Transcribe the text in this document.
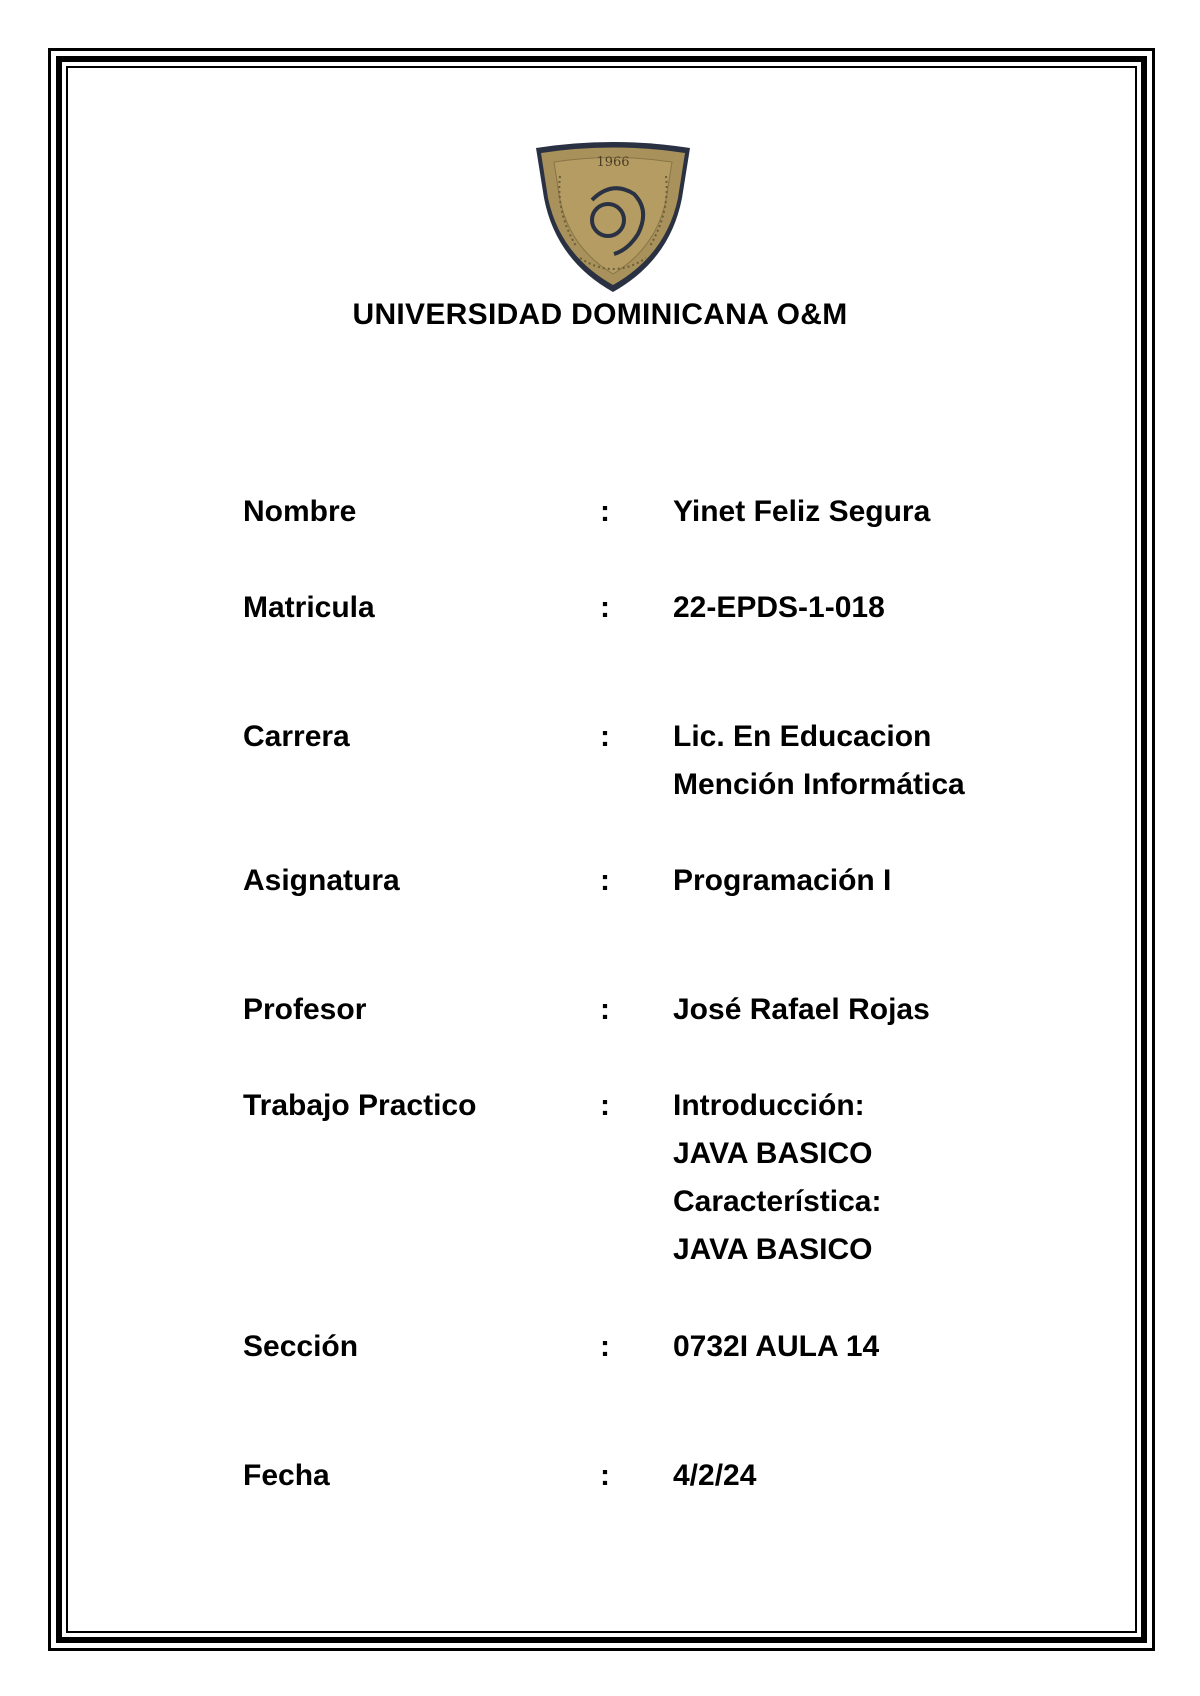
1966
UNIVERSIDAD DOMINICANA O&M
Nombre	: Yinet Feliz Segura
Matricula	: 22-EPDS-1-018
Carrera	: Lic. En Educacion
Mención Informática
Asignatura	: Programación I
Profesor	: José Rafael Rojas
Trabajo Practico	: Introducción:
JAVA BASICO
Característica:
JAVA BASICO
Sección	: 0732I AULA 14
Fecha	: 4/2/24
